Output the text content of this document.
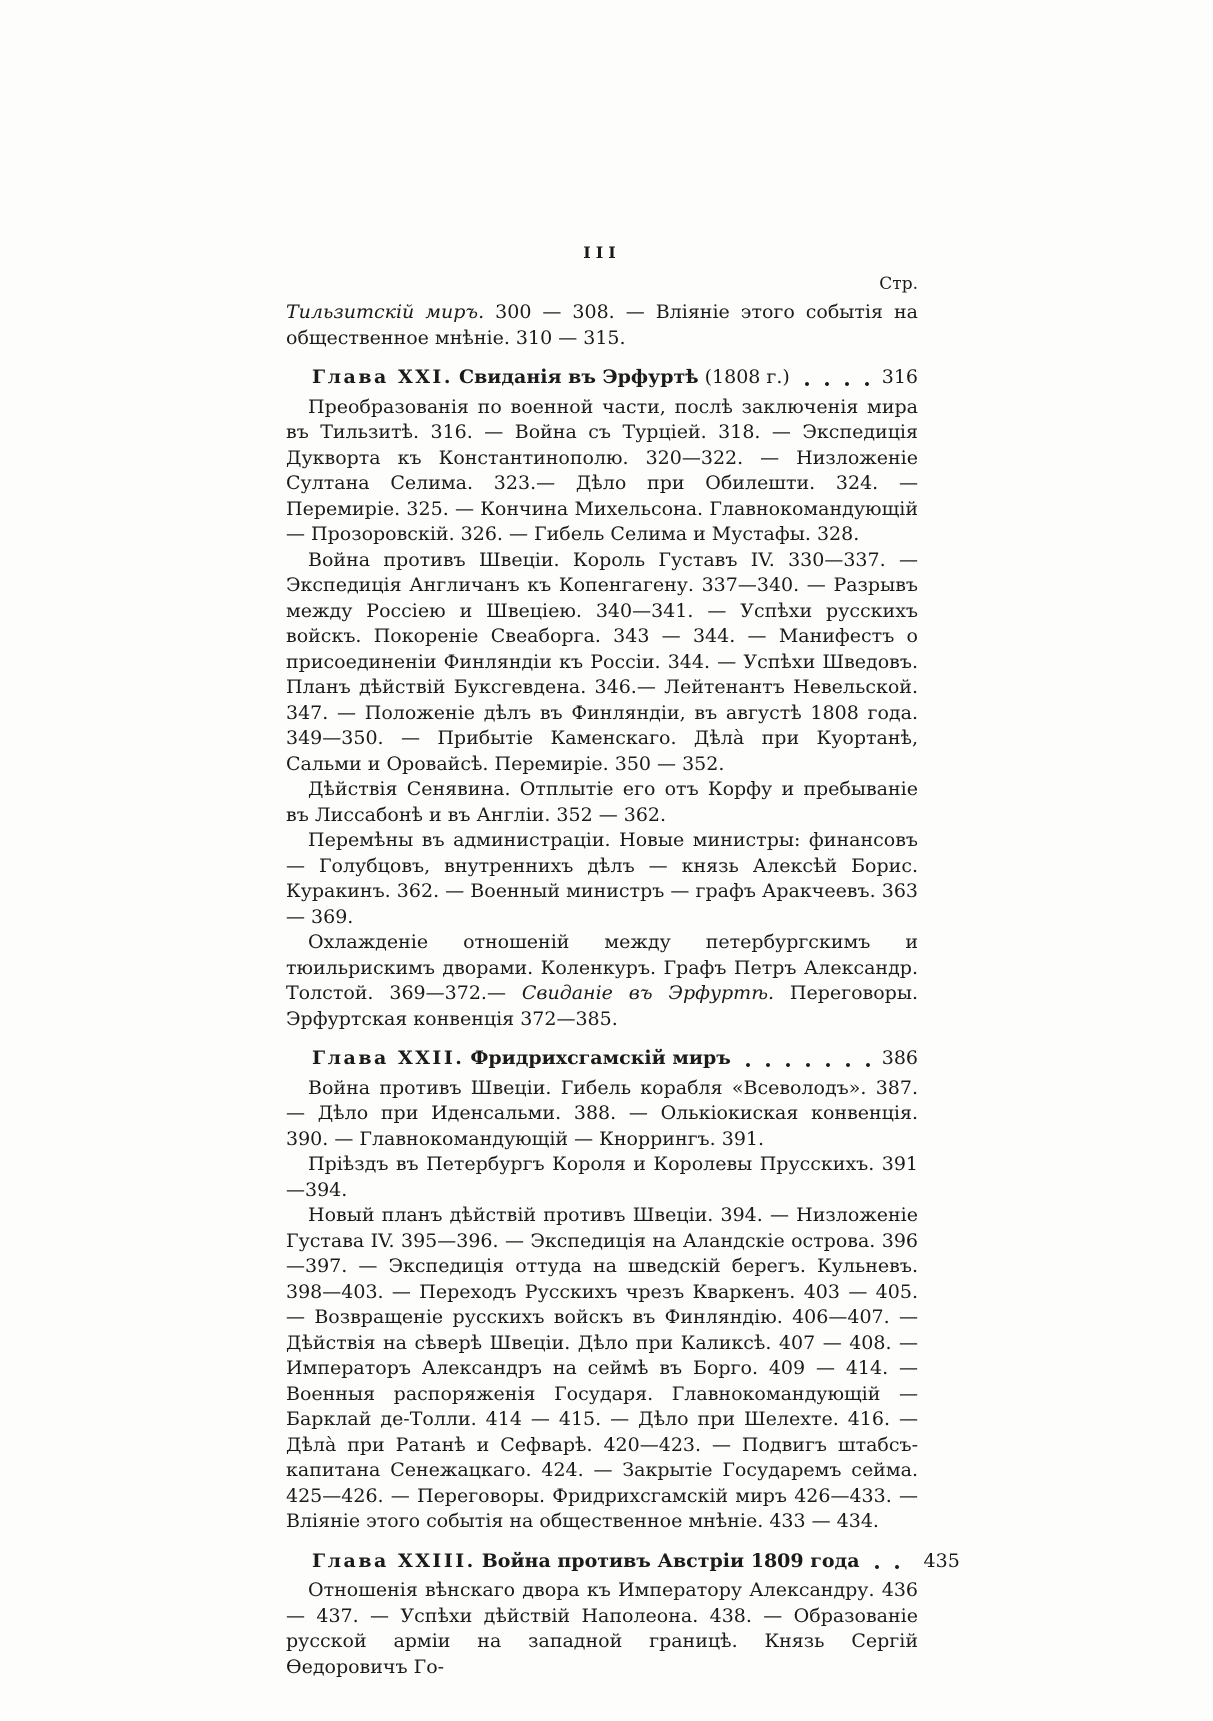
III
Стр.

Тильзитскій миръ. 300 — 308. — Вліяніе этого событія на общественное мнѣніе. 310 — 315.

Глава XXI. Свиданія въ Эрфуртѣ (1808 г.)	316

Преобразованія по военной части, послѣ заключенія мира въ Тильзитѣ. 316. — Война съ Турціей. 318. — Экспедиція Дукворта къ Константинополю. 320—322. — Низложеніе Султана Селима. 323.— Дѣло при Обилешти. 324. — Перемиріе. 325. — Кончина Михельсона. Главнокомандующій — Прозоровскій. 326. — Гибель Селима и Мустафы. 328.

Война противъ Швеціи. Король Густавъ IV. 330—337. — Экспедиція Англичанъ къ Копенгагену. 337—340. — Разрывъ между Россіею и Швеціею. 340—341. — Успѣхи русскихъ войскъ. Покореніе Свеаборга. 343 — 344. — Манифестъ о присоединеніи Финляндіи къ Россіи. 344. — Успѣхи Шведовъ. Планъ дѣйствій Буксгевдена. 346.— Лейтенантъ Невельской. 347. — Положеніе дѣлъ въ Финляндіи, въ августѣ 1808 года. 349—350. — Прибытіе Каменскаго. Дѣла̀ при Куортанѣ, Сальми и Оровайсѣ. Перемиріе. 350 — 352.

Дѣйствія Сенявина. Отплытіе его отъ Корфу и пребываніе въ Лиссабонѣ и въ Англіи. 352 — 362.

Перемѣны въ администраціи. Новые министры: финансовъ — Голубцовъ, внутреннихъ дѣлъ — князь Алексѣй Борис. Куракинъ. 362. — Военный министръ — графъ Аракчеевъ. 363 — 369.

Охлажденіе отношеній между петербургскимъ и тюильрискимъ дворами. Коленкуръ. Графъ Петръ Александр. Толстой. 369—372.— Свиданіе въ Эрфуртѣ. Переговоры. Эрфуртская конвенція 372—385.

Глава XXII. Фридрихсгамскій миръ	386

Война противъ Швеціи. Гибель корабля «Всеволодъ». 387. — Дѣло при Иденсальми. 388. — Олькіокиская конвенція. 390. — Главнокомандующій — Кноррингъ. 391.

Пріѣздъ въ Петербургъ Короля и Королевы Прусскихъ. 391—394.

Новый планъ дѣйствій противъ Швеціи. 394. — Низложеніе Густава IV. 395—396. — Экспедиція на Аландскіе острова. 396—397. — Экспедиція оттуда на шведскій берегъ. Кульневъ. 398—403. — Переходъ Русскихъ чрезъ Кваркенъ. 403 — 405. — Возвращеніе русскихъ войскъ въ Финляндію. 406—407. — Дѣйствія на сѣверѣ Швеціи. Дѣло при Каликсѣ. 407 — 408. — Императоръ Александръ на сеймѣ въ Борго. 409 — 414. — Военныя распоряженія Государя. Главнокомандующій — Барклай де-Толли. 414 — 415. — Дѣло при Шелехте. 416. — Дѣла̀ при Ратанѣ и Сефварѣ. 420—423. — Подвигъ штабсъ-капитана Сенежацкаго. 424. — Закрытіе Государемъ сейма. 425—426. — Переговоры. Фридрихсгамскій миръ 426—433. — Вліяніе этого событія на общественное мнѣніе. 433 — 434.

Глава XXIII. Война противъ Австріи 1809 года	435

Отношенія вѣнскаго двора къ Императору Александру. 436 — 437. — Успѣхи дѣйствій Наполеона. 438. — Образованіе русской арміи на западной границѣ. Князь Сергій Ѳедоровичъ Го-
